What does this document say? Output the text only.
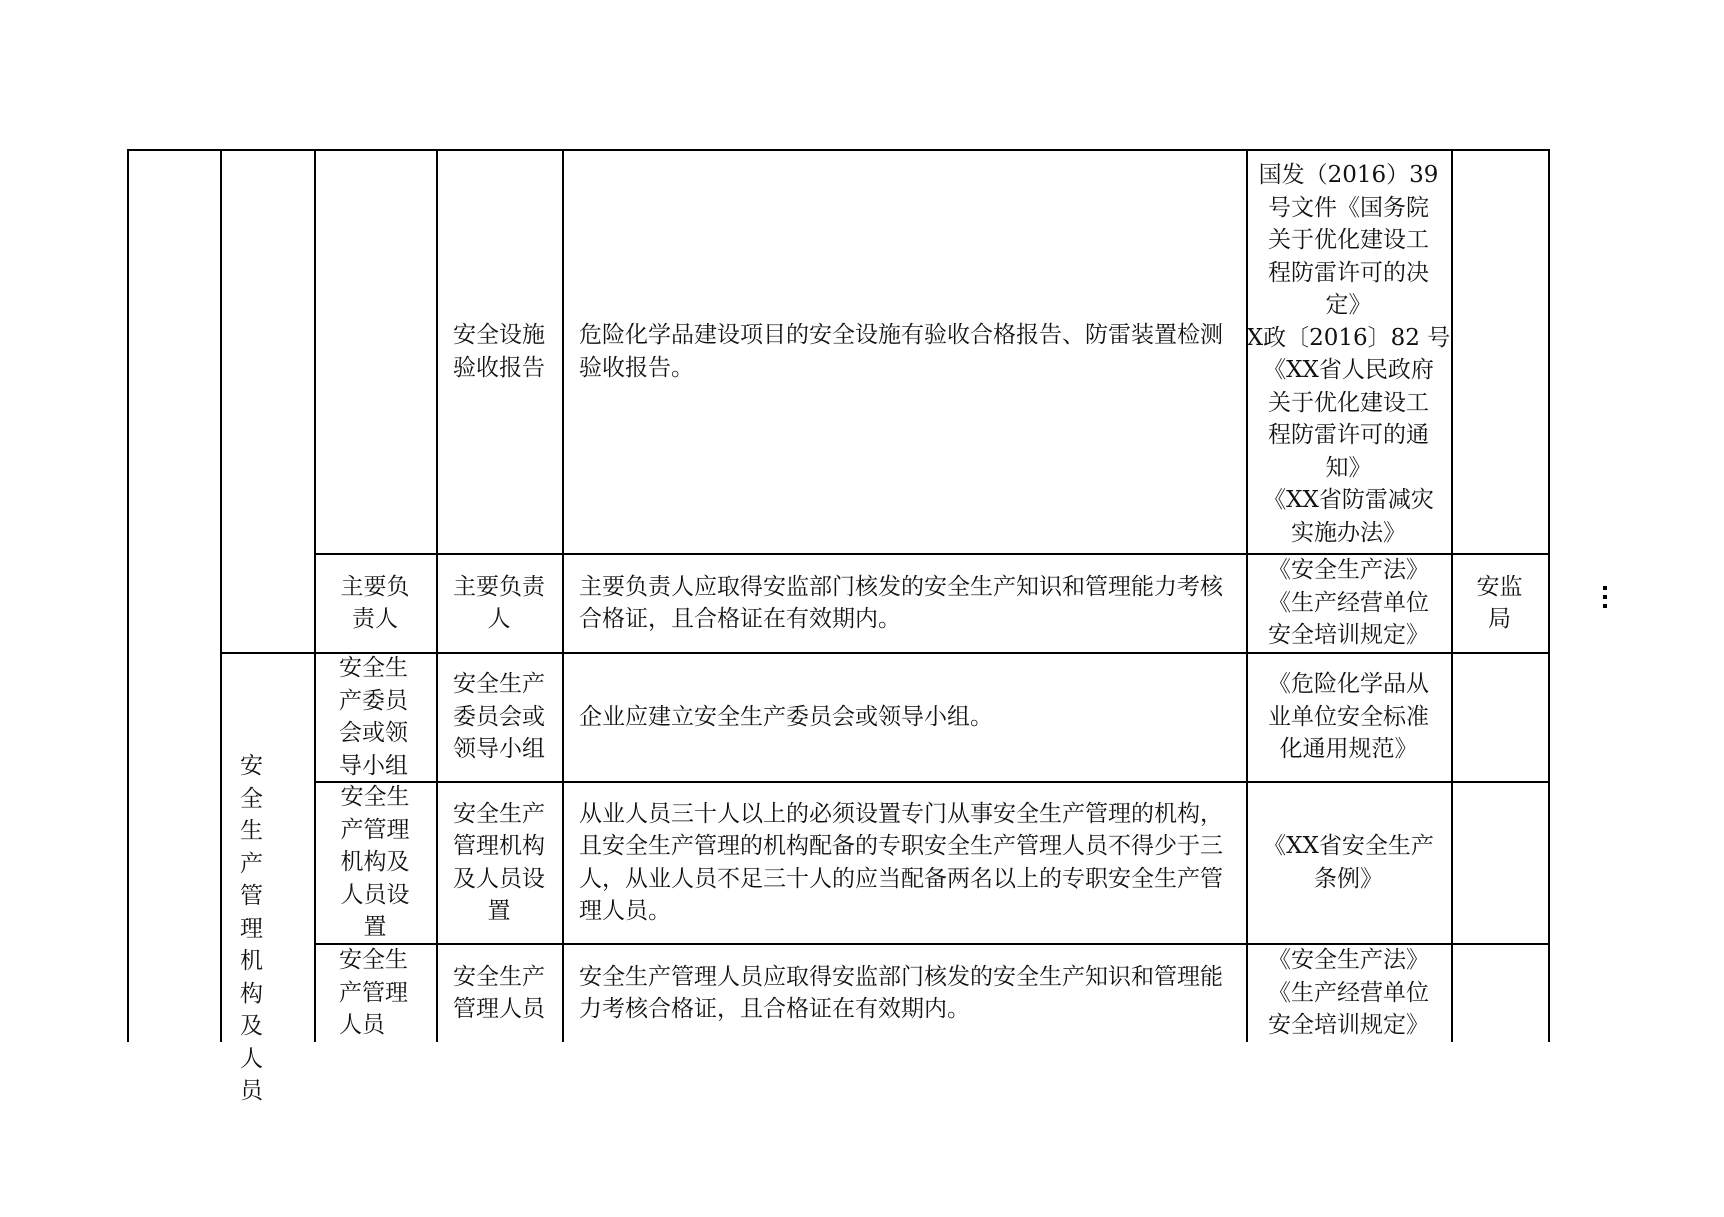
安全生产管理机构及人员
安全设施验收报告
危险化学品建设项目的安全设施有验收合格报告、防雷装置检测验收报告。
国发（2016）39
号文件《国务院
关于优化建设工
程防雷许可的决
定》
X政〔2016〕82 号
《XX省人民政府
关于优化建设工
程防雷许可的通
知》
《XX省防雷减灾
实施办法》
主要负责人
主要负责人
主要负责人应取得安监部门核发的安全生产知识和管理能力考核合格证，且合格证在有效期内。
《安全生产法》
《生产经营单位
安全培训规定》
安监局
安全生产委员会或领导小组
安全生产委员会或领导小组
企业应建立安全生产委员会或领导小组。
《危险化学品从
业单位安全标准
化通用规范》
安全生产管理机构及人员设置
安全生产管理机构及人员设置
从业人员三十人以上的必须设置专门从事安全生产管理的机构，且安全生产管理的机构配备的专职安全生产管理人员不得少于三人，从业人员不足三十人的应当配备两名以上的专职安全生产管理人员。
《XX省安全生产
条例》
安全生产管理人员
安全生产管理人员
安全生产管理人员应取得安监部门核发的安全生产知识和管理能力考核合格证，且合格证在有效期内。
《安全生产法》
《生产经营单位
安全培训规定》
